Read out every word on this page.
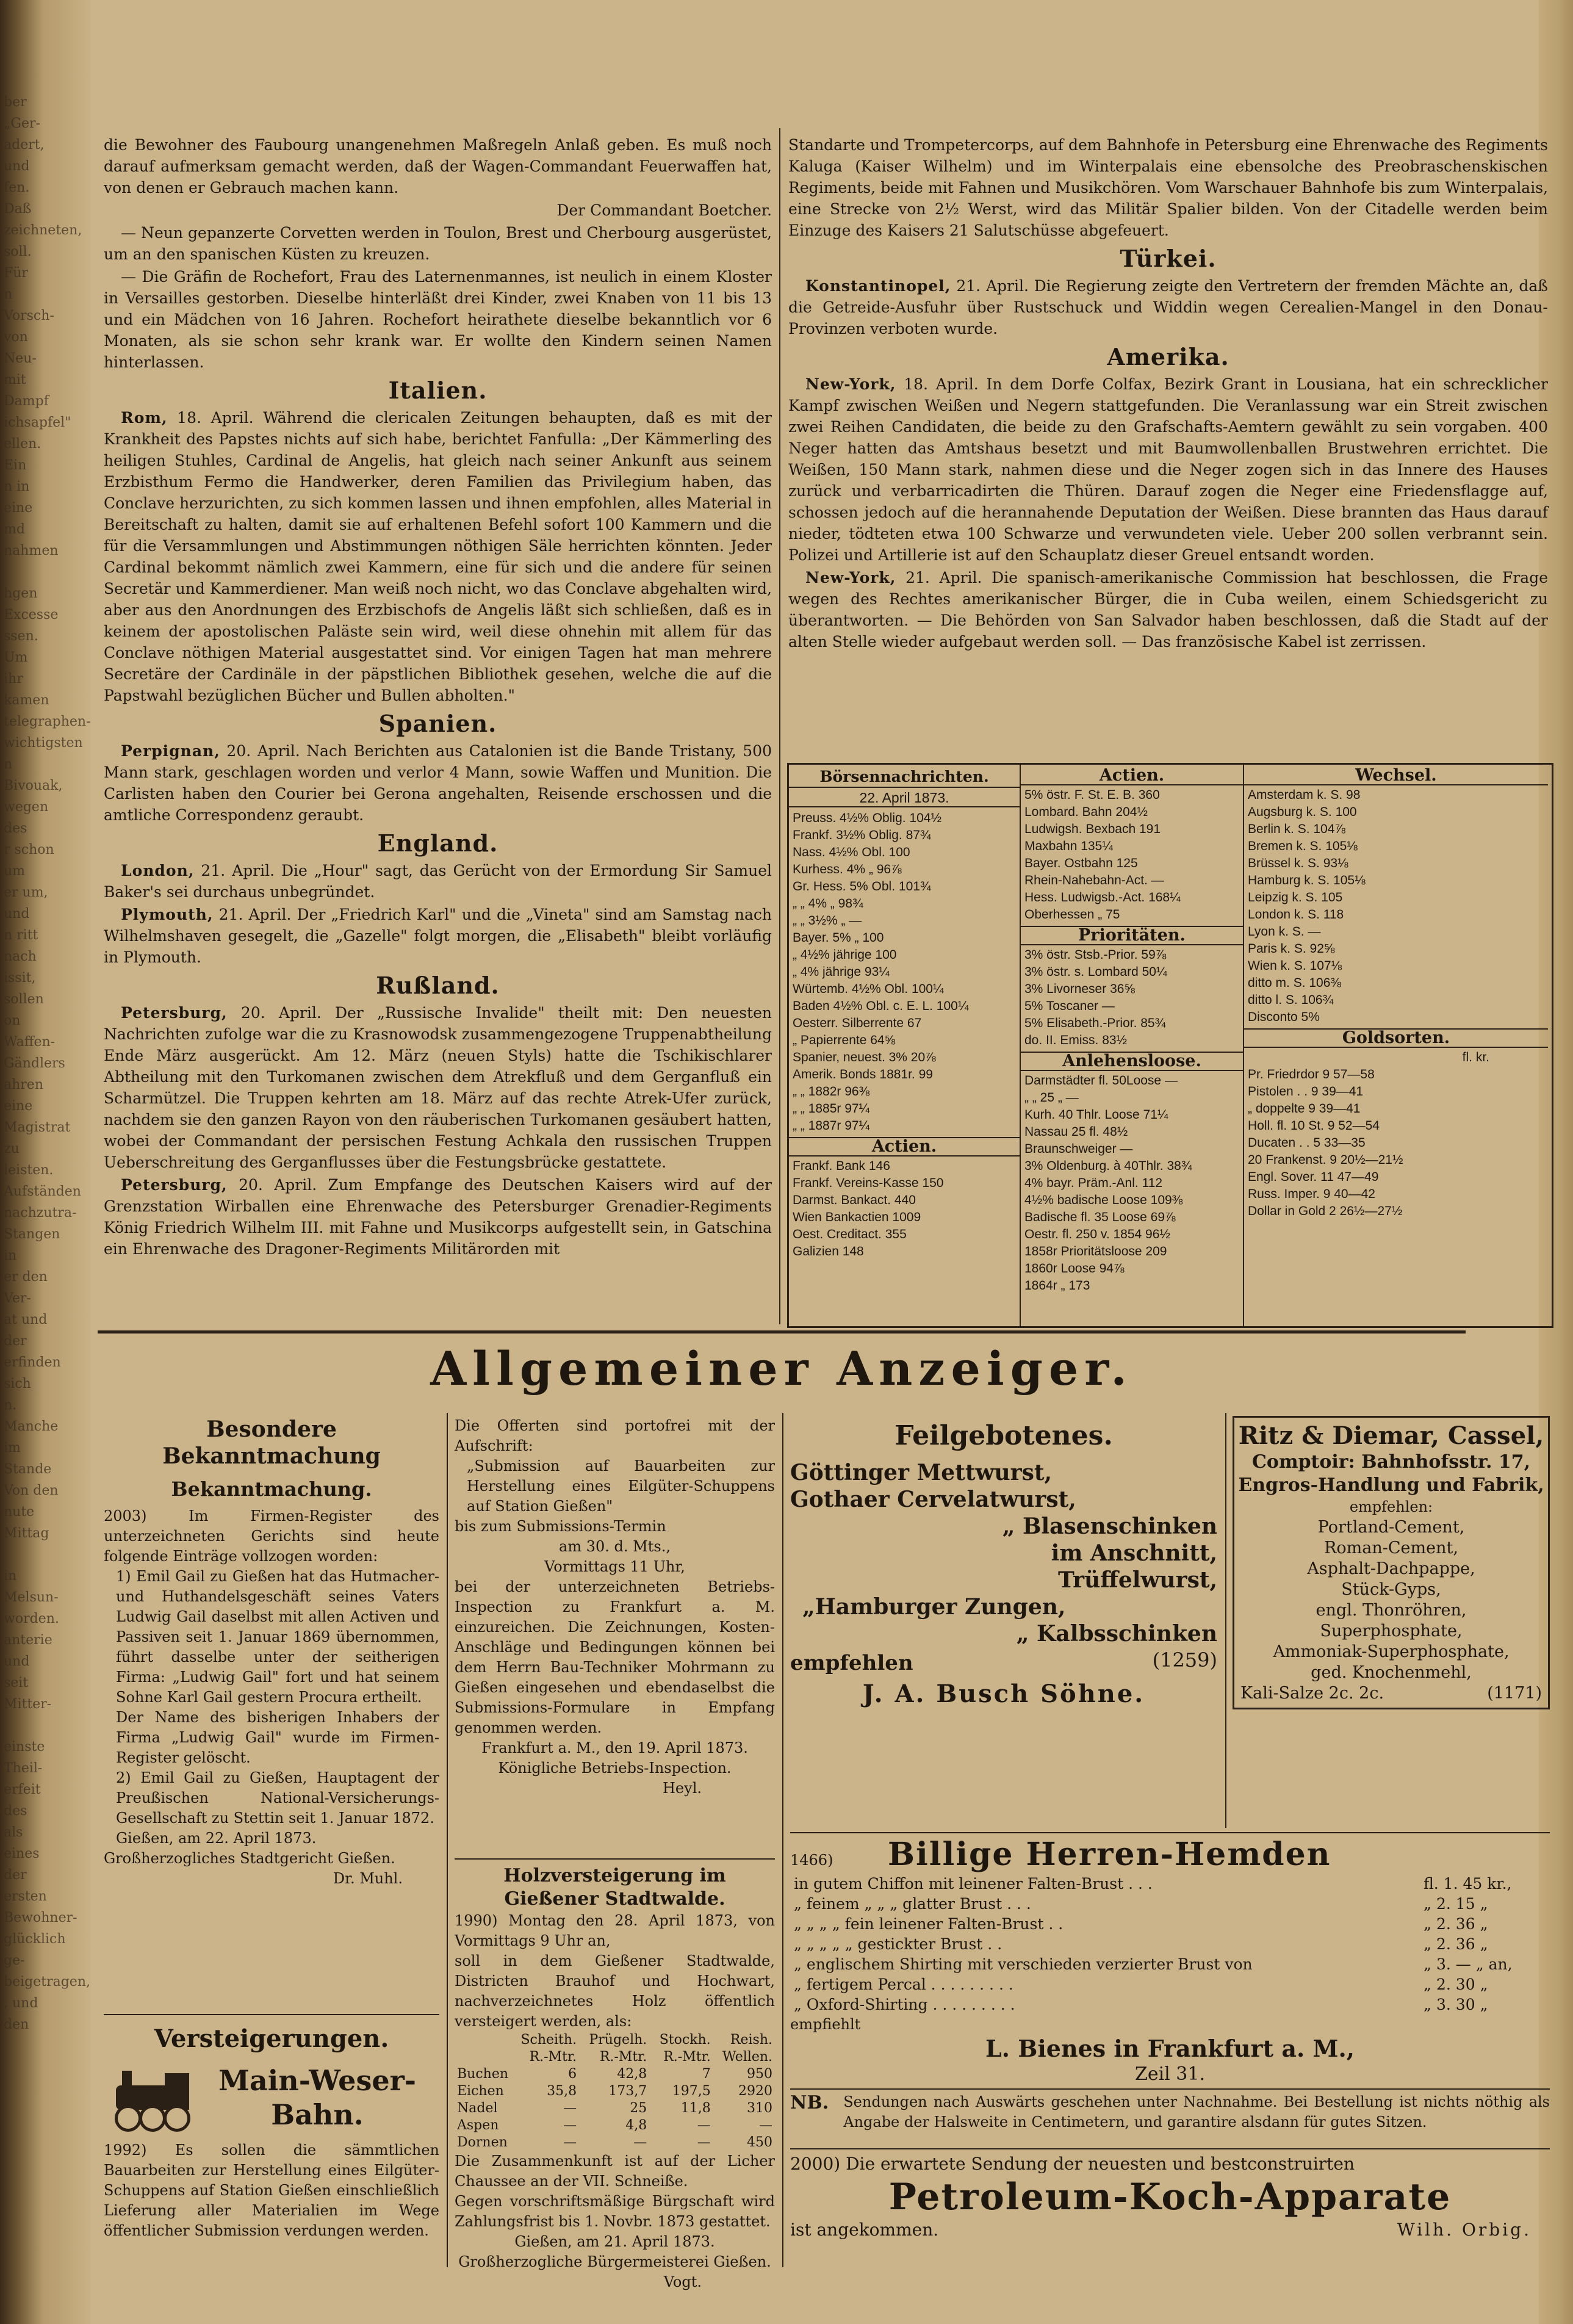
ber „Ger-
adert, und
fen. Daß
zeichneten,
soll. Für
n Vorsch-
von Neu-
mit Dampf
ichsapfel"
ellen. Ein
n in eine
md nahmen

hgen Excesse
ssen. Um
ihr kamen
telegraphen-
wichtigsten
n Bivouak,
wegen des
r schon um
er um, und
n ritt nach
issit, sollen
on Waffen-
Gändlers
ahren eine
Magistrat
zu leisten.
Aufständen
nachzutra-
Stangen in
er den Ver-
at und der
erfinden sich
n. Manche
im Stande
Von den
nute Mittag

in Melsun-
worden.
anterie und
seit Mitter-

einste Theil-
erfeit des
als eines
der ersten
Bewohner-
glücklich ge-
beigetragen,
, und den

die Bewohner des Faubourg unangenehmen Maßregeln Anlaß geben. Es muß noch darauf aufmerksam gemacht werden, daß der Wagen-Commandant Feuerwaffen hat, von denen er Gebrauch machen kann.

Der Commandant Boetcher.

— Neun gepanzerte Corvetten werden in Toulon, Brest und Cherbourg ausgerüstet, um an den spanischen Küsten zu kreuzen.

— Die Gräfin de Rochefort, Frau des Laternenmannes, ist neulich in einem Kloster in Versailles gestorben. Dieselbe hinterläßt drei Kinder, zwei Knaben von 11 bis 13 und ein Mädchen von 16 Jahren. Rochefort heirathete dieselbe bekanntlich vor 6 Monaten, als sie schon sehr krank war. Er wollte den Kindern seinen Namen hinterlassen.

Italien.

Rom, 18. April. Während die clericalen Zeitungen behaupten, daß es mit der Krankheit des Papstes nichts auf sich habe, berichtet Fanfulla: „Der Kämmerling des heiligen Stuhles, Cardinal de Angelis, hat gleich nach seiner Ankunft aus seinem Erzbisthum Fermo die Handwerker, deren Familien das Privilegium haben, das Conclave herzurichten, zu sich kommen lassen und ihnen empfohlen, alles Material in Bereitschaft zu halten, damit sie auf erhaltenen Befehl sofort 100 Kammern und die für die Versammlungen und Abstimmungen nöthigen Säle herrichten könnten. Jeder Cardinal bekommt nämlich zwei Kammern, eine für sich und die andere für seinen Secretär und Kammerdiener. Man weiß noch nicht, wo das Conclave abgehalten wird, aber aus den Anordnungen des Erzbischofs de Angelis läßt sich schließen, daß es in keinem der apostolischen Paläste sein wird, weil diese ohnehin mit allem für das Conclave nöthigen Material ausgestattet sind. Vor einigen Tagen hat man mehrere Secretäre der Cardinäle in der päpstlichen Bibliothek gesehen, welche die auf die Papstwahl bezüglichen Bücher und Bullen abholten."

Spanien.

Perpignan, 20. April. Nach Berichten aus Catalonien ist die Bande Tristany, 500 Mann stark, geschlagen worden und verlor 4 Mann, sowie Waffen und Munition. Die Carlisten haben den Courier bei Gerona angehalten, Reisende erschossen und die amtliche Correspondenz geraubt.

England.

London, 21. April. Die „Hour" sagt, das Gerücht von der Ermordung Sir Samuel Baker's sei durchaus unbegründet.

Plymouth, 21. April. Der „Friedrich Karl" und die „Vineta" sind am Samstag nach Wilhelmshaven gesegelt, die „Gazelle" folgt morgen, die „Elisabeth" bleibt vorläufig in Plymouth.

Rußland.

Petersburg, 20. April. Der „Russische Invalide" theilt mit: Den neuesten Nachrichten zufolge war die zu Krasnowodsk zusammengezogene Truppenabtheilung Ende März ausgerückt. Am 12. März (neuen Styls) hatte die Tschikischlarer Abtheilung mit den Turkomanen zwischen dem Atrekfluß und dem Gerganfluß ein Scharmützel. Die Truppen kehrten am 18. März auf das rechte Atrek-Ufer zurück, nachdem sie den ganzen Rayon von den räuberischen Turkomanen gesäubert hatten, wobei der Commandant der persischen Festung Achkala den russischen Truppen Ueberschreitung des Gerganflusses über die Festungsbrücke gestattete.

Petersburg, 20. April. Zum Empfange des Deutschen Kaisers wird auf der Grenzstation Wirballen eine Ehrenwache des Petersburger Grenadier-Regiments König Friedrich Wilhelm III. mit Fahne und Musikcorps aufgestellt sein, in Gatschina ein Ehrenwache des Dragoner-Regiments Militärorden mit

Standarte und Trompetercorps, auf dem Bahnhofe in Petersburg eine Ehrenwache des Regiments Kaluga (Kaiser Wilhelm) und im Winterpalais eine ebensolche des Preobraschenskischen Regiments, beide mit Fahnen und Musikchören. Vom Warschauer Bahnhofe bis zum Winterpalais, eine Strecke von 2½ Werst, wird das Militär Spalier bilden. Von der Citadelle werden beim Einzuge des Kaisers 21 Salutschüsse abgefeuert.

Türkei.

Konstantinopel, 21. April. Die Regierung zeigte den Vertretern der fremden Mächte an, daß die Getreide-Ausfuhr über Rustschuck und Widdin wegen Cerealien-Mangel in den Donau-Provinzen verboten wurde.

Amerika.

New-York, 18. April. In dem Dorfe Colfax, Bezirk Grant in Lousiana, hat ein schrecklicher Kampf zwischen Weißen und Negern stattgefunden. Die Veranlassung war ein Streit zwischen zwei Reihen Candidaten, die beide zu den Grafschafts-Aemtern gewählt zu sein vorgaben. 400 Neger hatten das Amtshaus besetzt und mit Baumwollenballen Brustwehren errichtet. Die Weißen, 150 Mann stark, nahmen diese und die Neger zogen sich in das Innere des Hauses zurück und verbarricadirten die Thüren. Darauf zogen die Neger eine Friedensflagge auf, schossen jedoch auf die herannahende Deputation der Weißen. Diese brannten das Haus darauf nieder, tödteten etwa 100 Schwarze und verwundeten viele. Ueber 200 sollen verbrannt sein. Polizei und Artillerie ist auf den Schauplatz dieser Greuel entsandt worden.

New-York, 21. April. Die spanisch-amerikanische Commission hat beschlossen, die Frage wegen des Rechtes amerikanischer Bürger, die in Cuba weilen, einem Schiedsgericht zu überantworten. — Die Behörden von San Salvador haben beschlossen, daß die Stadt auf der alten Stelle wieder aufgebaut werden soll. — Das französische Kabel ist zerrissen.

Börsennachrichten.
22. April 1873.
Preuss. 4½% Oblig. 104½
Frankf. 3½% Oblig. 87¾
Nass. 4½% Obl. 100
Kurhess. 4% „ 96⅞
Gr. Hess. 5% Obl. 101¾
„ „ 4% „ 98¾
„ „ 3½% „ —
Bayer. 5% „ 100
„ 4½% jährige 100
„ 4% jährige 93¼
Würtemb. 4½% Obl. 100¼
Baden 4½% Obl. c. E. L. 100¼
Oesterr. Silberrente 67
„ Papierrente 64⅝
Spanier, neuest. 3% 20⅞
Amerik. Bonds 1881r. 99
„ „ 1882r 96⅜
„ „ 1885r 97¼
„ „ 1887r 97¼
Actien.
Frankf. Bank 146
Frankf. Vereins-Kasse 150
Darmst. Bankact. 440
Wien Bankactien 1009
Oest. Creditact. 355
Galizien 148
Actien.
5% östr. F. St. E. B. 360
Lombard. Bahn 204½
Ludwigsh. Bexbach 191
Maxbahn 135¼
Bayer. Ostbahn 125
Rhein-Nahebahn-Act. —
Hess. Ludwigsb.-Act. 168¼
Oberhessen „ 75
Prioritäten.
3% östr. Stsb.-Prior. 59⅞
3% östr. s. Lombard 50¼
3% Livorneser 36⅝
5% Toscaner —
5% Elisabeth.-Prior. 85¾
do. II. Emiss. 83½
Anlehensloose.
Darmstädter fl. 50Loose —
„ „ 25 „ —
Kurh. 40 Thlr. Loose 71¼
Nassau 25 fl. 48½
Braunschweiger —
3% Oldenburg. à 40Thlr. 38¾
4% bayr. Präm.-Anl. 112
4½% badische Loose 109⅜
Badische fl. 35 Loose 69⅞
Oestr. fl. 250 v. 1854 96½
1858r Prioritätsloose 209
1860r Loose 94⅞
1864r „ 173
Wechsel.
Amsterdam k. S. 98
Augsburg k. S. 100
Berlin k. S. 104⅞
Bremen k. S. 105⅛
Brüssel k. S. 93⅛
Hamburg k. S. 105⅛
Leipzig k. S. 105
London k. S. 118
Lyon k. S. —
Paris k. S. 92⅝
Wien k. S. 107⅛
ditto m. S. 106⅜
ditto l. S. 106¾
Disconto 5%
Goldsorten.
fl. kr.
Pr. Friedrdor 9 57—58
Pistolen . . 9 39—41
„ doppelte 9 39—41
Holl. fl. 10 St. 9 52—54
Ducaten . . 5 33—35
20 Frankenst. 9 20½—21½
Engl. Sover. 11 47—49
Russ. Imper. 9 40—42
Dollar in Gold 2 26½—27½
Allgemeiner Anzeiger.

Besondere Bekanntmachung

Bekanntmachung.

2003) Im Firmen-Register des unterzeichneten Gerichts sind heute folgende Einträge vollzogen worden:

1) Emil Gail zu Gießen hat das Hutmacher- und Huthandelsgeschäft seines Vaters Ludwig Gail daselbst mit allen Activen und Passiven seit 1. Januar 1869 übernommen, führt dasselbe unter der seitherigen Firma: „Ludwig Gail" fort und hat seinem Sohne Karl Gail gestern Procura ertheilt.

Der Name des bisherigen Inhabers der Firma „Ludwig Gail" wurde im Firmen-Register gelöscht.

2) Emil Gail zu Gießen, Hauptagent der Preußischen National-Versicherungs-Gesellschaft zu Stettin seit 1. Januar 1872.

Gießen, am 22. April 1873.

Großherzogliches Stadtgericht Gießen.

Dr. Muhl.

Versteigerungen.

Main-Weser-Bahn.

1992) Es sollen die sämmtlichen Bauarbeiten zur Herstellung eines Eilgüter-Schuppens auf Station Gießen einschließlich Lieferung aller Materialien im Wege öffentlicher Submission verdungen werden.

Die Offerten sind portofrei mit der Aufschrift:

„Submission auf Bauarbeiten zur Herstellung eines Eilgüter-Schuppens auf Station Gießen"

bis zum Submissions-Termin

am 30. d. Mts.,

Vormittags 11 Uhr,

bei der unterzeichneten Betriebs-Inspection zu Frankfurt a. M. einzureichen. Die Zeichnungen, Kosten-Anschläge und Bedingungen können bei dem Herrn Bau-Techniker Mohrmann zu Gießen eingesehen und ebendaselbst die Submissions-Formulare in Empfang genommen werden.

Frankfurt a. M., den 19. April 1873.

Königliche Betriebs-Inspection.

Heyl.

Holzversteigerung im Gießener Stadtwalde.

1990) Montag den 28. April 1873, von Vormittags 9 Uhr an,

soll in dem Gießener Stadtwalde, Districten Brauhof und Hochwart, nachverzeichnetes Holz öffentlich versteigert werden, als:

	Scheith. R.-Mtr.	Prügelh. R.-Mtr.	Stockh. R.-Mtr.	Reish. Wellen.
Buchen	6	42,8	7	950
Eichen	35,8	173,7	197,5	2920
Nadel	—	25	11,8	310
Aspen	—	4,8	—	—
Dornen	—	—	—	450

Die Zusammenkunft ist auf der Licher Chaussee an der VII. Schneiße.

Gegen vorschriftsmäßige Bürgschaft wird Zahlungsfrist bis 1. Novbr. 1873 gestattet.

Gießen, am 21. April 1873.

Großherzogliche Bürgermeisterei Gießen.

Vogt.

Feilgebotenes.

Göttinger Mettwurst,

Gothaer Cervelatwurst,

„ Blasenschinken

im Anschnitt,

Trüffelwurst,

„Hamburger Zungen,

„ Kalbsschinken

empfehlen	(1259)

J. A. Busch Söhne.

Ritz & Diemar, Cassel,

Comptoir: Bahnhofsstr. 17,

Engros-Handlung und Fabrik,

empfehlen:

Portland-Cement,
Roman-Cement,
Asphalt-Dachpappe,
Stück-Gyps,
engl. Thonröhren,
Superphosphate,
Ammoniak-Superphosphate,
ged. Knochenmehl,

Kali-Salze 2c. 2c.	(1171)

1466)	Billige Herren-Hemden

in gutem Chiffon mit leinener Falten-Brust . . .	fl. 1. 45 kr.,
„ feinem „ „ „ glatter Brust . . .	„ 2. 15 „
„ „ „ „ fein leinener Falten-Brust . .	„ 2. 36 „
„ „ „ „ „ gestickter Brust . .	„ 2. 36 „
„ englischem Shirting mit verschieden verzierter Brust von	„ 3. — „ an,
„ fertigem Percal . . . . . . . . .	„ 2. 30 „
„ Oxford-Shirting . . . . . . . . .	„ 3. 30 „

empfiehlt

L. Bienes in Frankfurt a. M.,

Zeil 31.

NB. Sendungen nach Auswärts geschehen unter Nachnahme. Bei Bestellung ist nichts nöthig als Angabe der Halsweite in Centimetern, und garantire alsdann für gutes Sitzen.

2000) Die erwartete Sendung der neuesten und bestconstruirten

Petroleum-Koch-Apparate

ist angekommen.	Wilh. Orbig.
